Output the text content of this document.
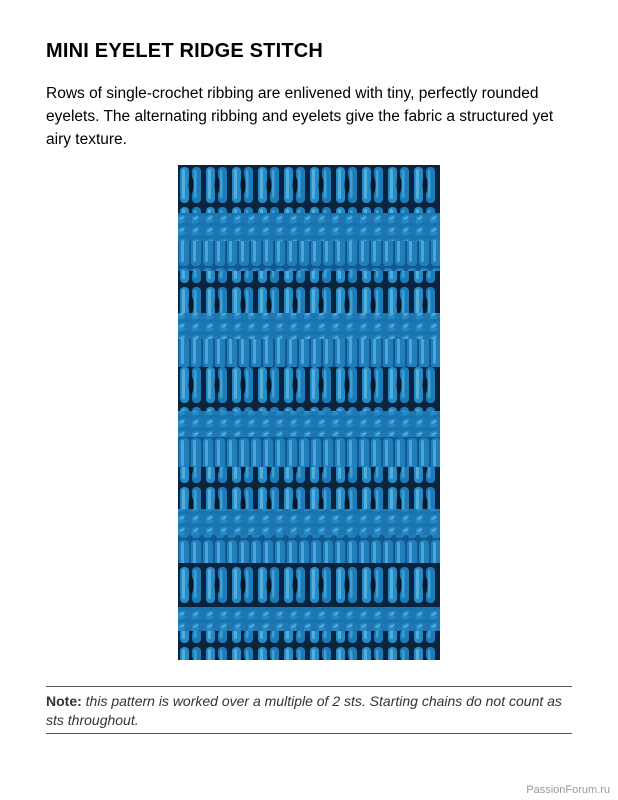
MINI EYELET RIDGE STITCH

Rows of single-crochet ribbing are enlivened with tiny, perfectly rounded eyelets. The alternating ribbing and eyelets give the fabric a structured yet airy texture.

Note: this pattern is worked over a multiple of 2 sts. Starting chains do not count as sts throughout.

PassionForum.ru
